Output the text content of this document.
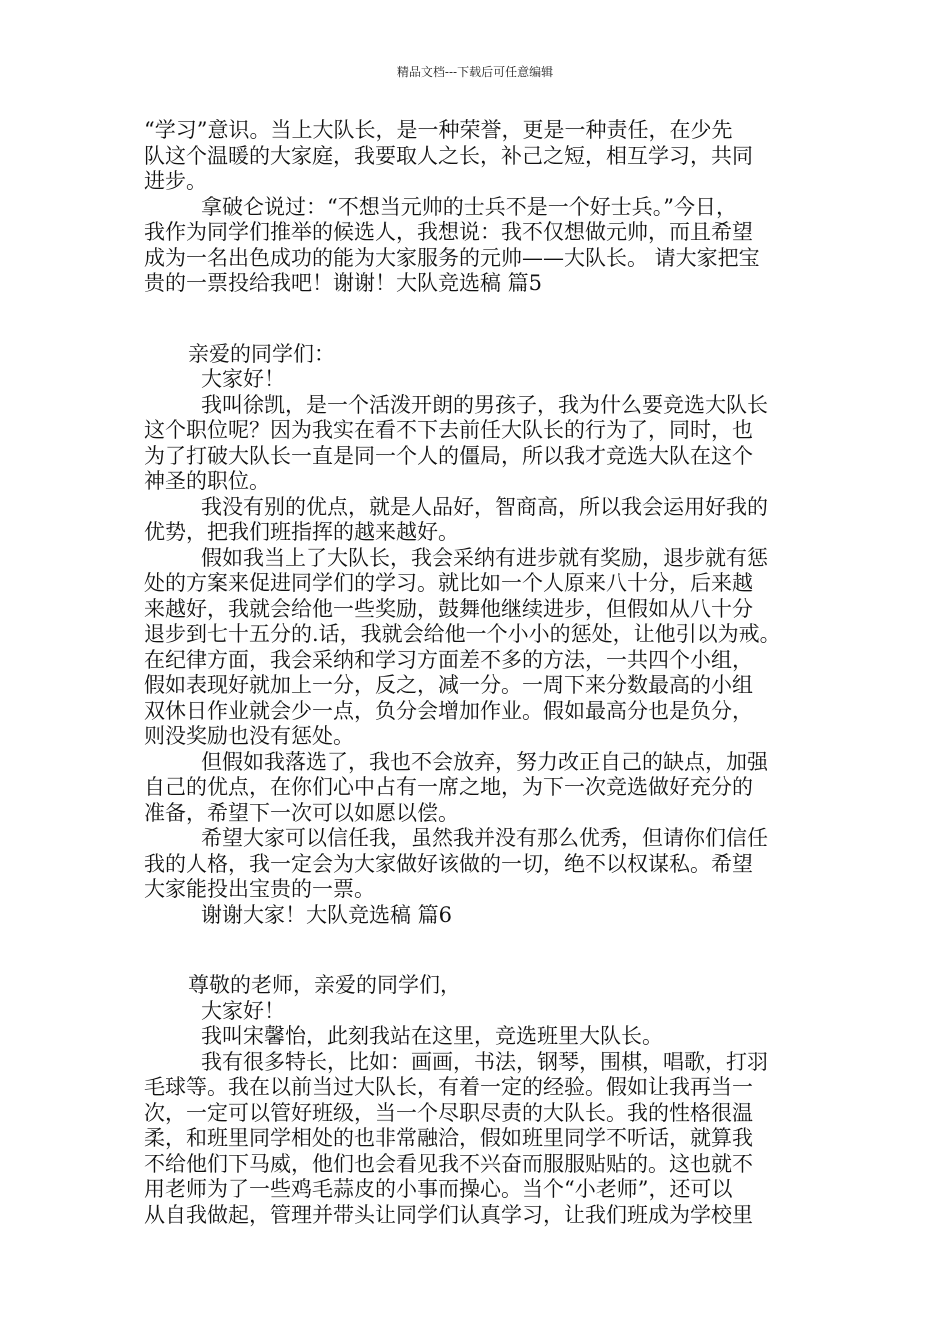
精品文档---下载后可任意编辑
“学习”意识。当上大队长，是一种荣誉，更是一种责任，在少先
队这个温暖的大家庭，我要取人之长，补己之短，相互学习，共同
进步。
拿破仑说过：“不想当元帅的士兵不是一个好士兵。”今日，
我作为同学们推举的候选人，我想说：我不仅想做元帅，而且希望
成为一名出色成功的能为大家服务的元帅——大队长。 请大家把宝
贵的一票投给我吧！谢谢！大队竞选稿 篇5
亲爱的同学们：
大家好！
我叫徐凯，是一个活泼开朗的男孩子，我为什么要竞选大队长
这个职位呢？因为我实在看不下去前任大队长的行为了，同时，也
为了打破大队长一直是同一个人的僵局，所以我才竞选大队在这个
神圣的职位。
我没有别的优点，就是人品好，智商高，所以我会运用好我的
优势，把我们班指挥的越来越好。
假如我当上了大队长，我会采纳有进步就有奖励，退步就有惩
处的方案来促进同学们的学习。就比如一个人原来八十分，后来越
来越好，我就会给他一些奖励，鼓舞他继续进步，但假如从八十分
退步到七十五分的.话，我就会给他一个小小的惩处，让他引以为戒。
在纪律方面，我会采纳和学习方面差不多的方法，一共四个小组，
假如表现好就加上一分，反之，减一分。一周下来分数最高的小组
双休日作业就会少一点，负分会增加作业。假如最高分也是负分，
则没奖励也没有惩处。
但假如我落选了，我也不会放弃，努力改正自己的缺点，加强
自己的优点，在你们心中占有一席之地，为下一次竞选做好充分的
准备，希望下一次可以如愿以偿。
希望大家可以信任我，虽然我并没有那么优秀，但请你们信任
我的人格，我一定会为大家做好该做的一切，绝不以权谋私。希望
大家能投出宝贵的一票。
谢谢大家！大队竞选稿 篇6
尊敬的老师，亲爱的同学们，
大家好！
我叫宋馨怡，此刻我站在这里，竞选班里大队长。
我有很多特长，比如：画画，书法，钢琴，围棋，唱歌，打羽
毛球等。我在以前当过大队长，有着一定的经验。假如让我再当一
次，一定可以管好班级，当一个尽职尽责的大队长。我的性格很温
柔，和班里同学相处的也非常融洽，假如班里同学不听话，就算我
不给他们下马威，他们也会看见我不兴奋而服服贴贴的。这也就不
用老师为了一些鸡毛蒜皮的小事而操心。当个“小老师”，还可以
从自我做起，管理并带头让同学们认真学习，让我们班成为学校里
